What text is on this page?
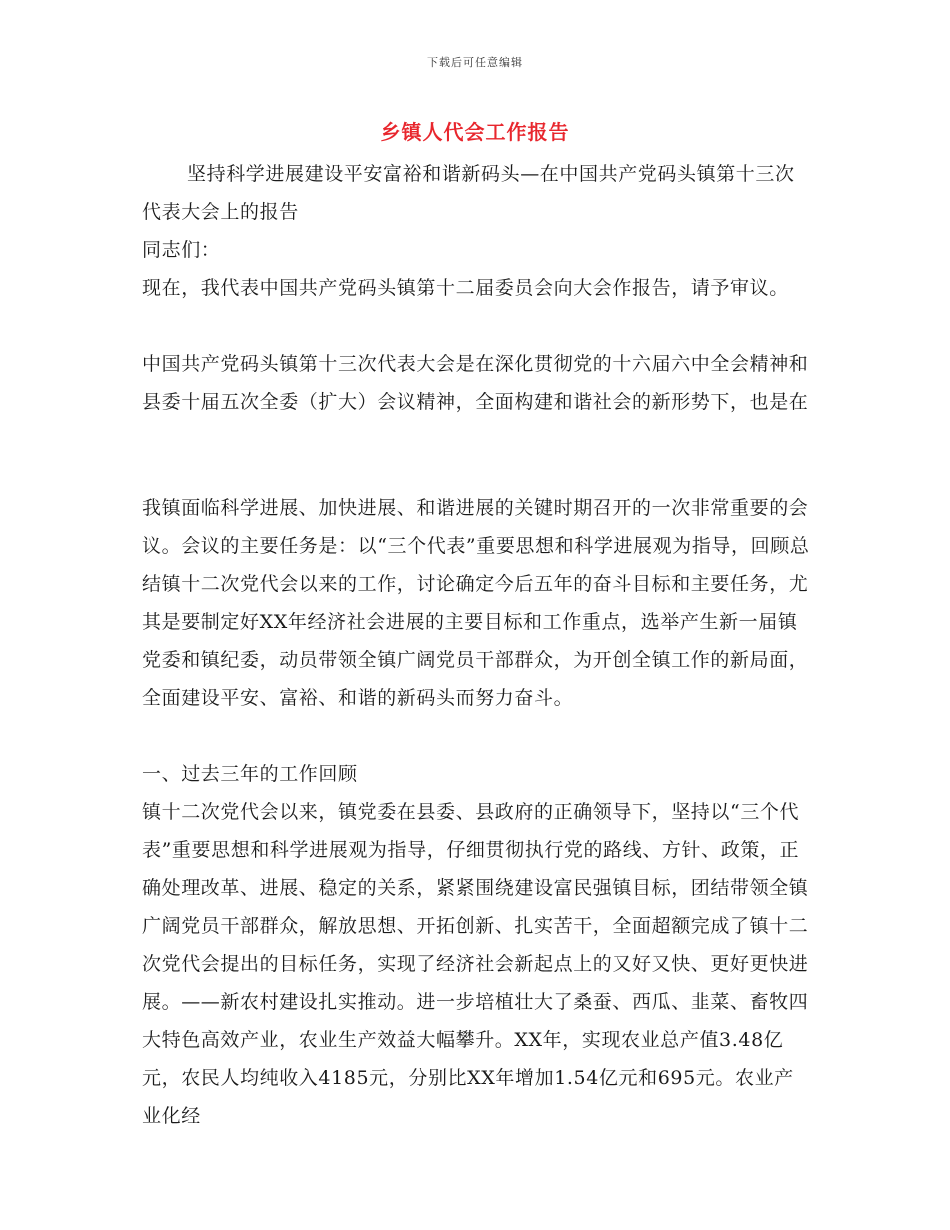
下载后可任意编辑
乡镇人代会工作报告

坚持科学进展建设平安富裕和谐新码头—在中国共产党码头镇第十三次代表大会上的报告

同志们：

现在，我代表中国共产党码头镇第十二届委员会向大会作报告，请予审议。

中国共产党码头镇第十三次代表大会是在深化贯彻党的十六届六中全会精神和县委十届五次全委（扩大）会议精神，全面构建和谐社会的新形势下，也是在

我镇面临科学进展、加快进展、和谐进展的关键时期召开的一次非常重要的会议。会议的主要任务是：以“三个代表”重要思想和科学进展观为指导，回顾总结镇十二次党代会以来的工作，讨论确定今后五年的奋斗目标和主要任务，尤其是要制定好XX年经济社会进展的主要目标和工作重点，选举产生新一届镇党委和镇纪委，动员带领全镇广阔党员干部群众，为开创全镇工作的新局面，全面建设平安、富裕、和谐的新码头而努力奋斗。

一、过去三年的工作回顾

镇十二次党代会以来，镇党委在县委、县政府的正确领导下，坚持以“三个代表”重要思想和科学进展观为指导，仔细贯彻执行党的路线、方针、政策，正确处理改革、进展、稳定的关系，紧紧围绕建设富民强镇目标，团结带领全镇广阔党员干部群众，解放思想、开拓创新、扎实苦干，全面超额完成了镇十二次党代会提出的目标任务，实现了经济社会新起点上的又好又快、更好更快进展。——新农村建设扎实推动。进一步培植壮大了桑蚕、西瓜、韭菜、畜牧四大特色高效产业，农业生产效益大幅攀升。XX年，实现农业总产值3.48亿元，农民人均纯收入4185元，分别比XX年增加1.54亿元和695元。农业产业化经
